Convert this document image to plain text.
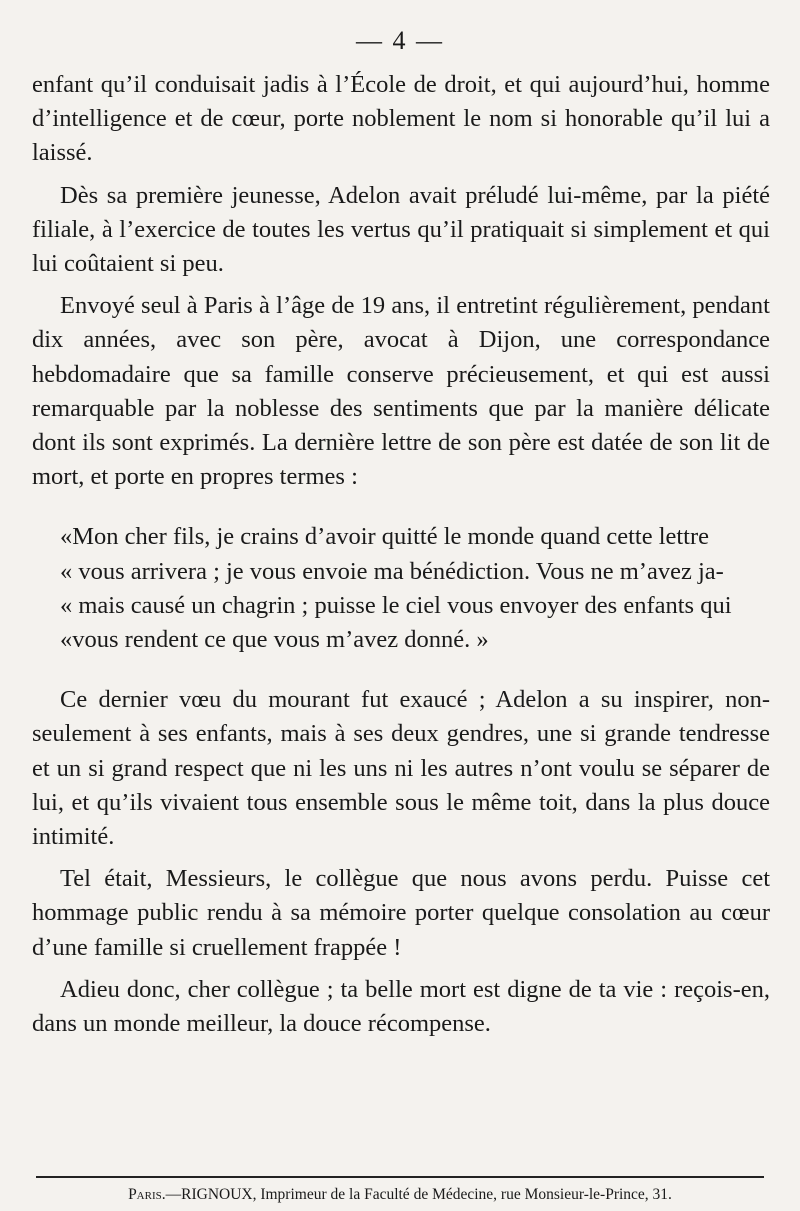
— 4 —

enfant qu’il conduisait jadis à l’École de droit, et qui aujourd’hui, homme d’intelligence et de cœur, porte noblement le nom si honorable qu’il lui a laissé.

Dès sa première jeunesse, Adelon avait préludé lui-même, par la piété filiale, à l’exercice de toutes les vertus qu’il pratiquait si simplement et qui lui coûtaient si peu.

Envoyé seul à Paris à l’âge de 19 ans, il entretint régulièrement, pendant dix années, avec son père, avocat à Dijon, une correspondance hebdomadaire que sa famille conserve précieusement, et qui est aussi remarquable par la noblesse des sentiments que par la manière délicate dont ils sont exprimés. La dernière lettre de son père est datée de son lit de mort, et porte en propres termes :

«Mon cher fils, je crains d’avoir quitté le monde quand cette lettre
« vous arrivera ; je vous envoie ma bénédiction. Vous ne m’avez ja-
« mais causé un chagrin ; puisse le ciel vous envoyer des enfants qui
«vous rendent ce que vous m’avez donné. »

Ce dernier vœu du mourant fut exaucé ; Adelon a su inspirer, non-seulement à ses enfants, mais à ses deux gendres, une si grande tendresse et un si grand respect que ni les uns ni les autres n’ont voulu se séparer de lui, et qu’ils vivaient tous ensemble sous le même toit, dans la plus douce intimité.

Tel était, Messieurs, le collègue que nous avons perdu. Puisse cet hommage public rendu à sa mémoire porter quelque consolation au cœur d’une famille si cruellement frappée !

Adieu donc, cher collègue ; ta belle mort est digne de ta vie : reçois-en, dans un monde meilleur, la douce récompense.

Paris.—RIGNOUX, Imprimeur de la Faculté de Médecine, rue Monsieur-le-Prince, 31.
